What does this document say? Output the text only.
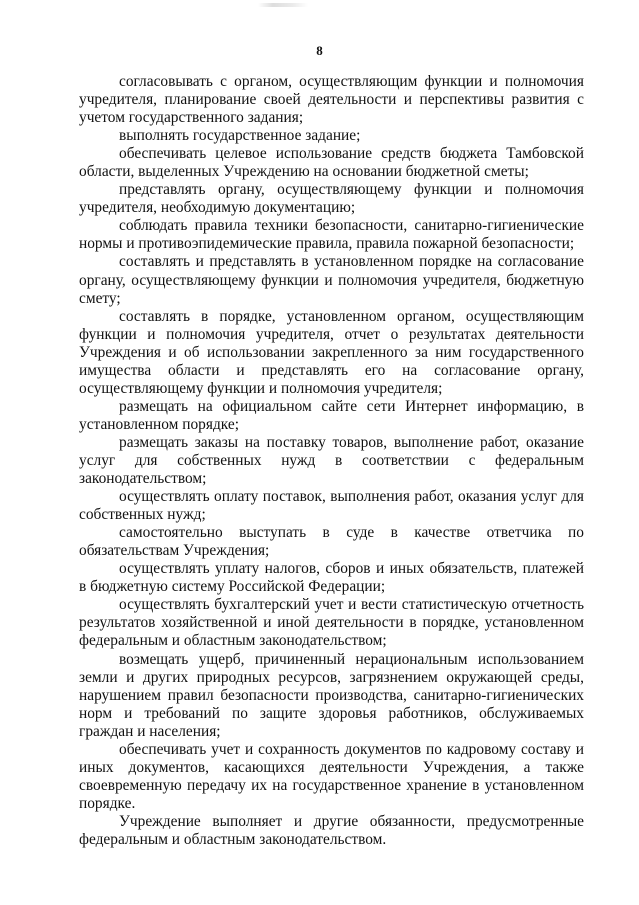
8

согласовывать с органом, осуществляющим функции и полномочия учредителя, планирование своей деятельности и перспективы развития с учетом государственного задания;

выполнять государственное задание;

обеспечивать целевое использование средств бюджета Тамбовской области, выделенных Учреждению на основании бюджетной сметы;

представлять органу, осуществляющему функции и полномочия учредителя, необходимую документацию;

соблюдать правила техники безопасности, санитарно-гигиенические нормы и противоэпидемические правила, правила пожарной безопасности;

составлять и представлять в установленном порядке на согласование органу, осуществляющему функции и полномочия учредителя, бюджетную смету;

составлять в порядке, установленном органом, осуществляющим функции и полномочия учредителя, отчет о результатах деятельности Учреждения и об использовании закрепленного за ним государственного имущества области и представлять его на согласование органу, осуществляющему функции и полномочия учредителя;

размещать на официальном сайте сети Интернет информацию, в установленном порядке;

размещать заказы на поставку товаров, выполнение работ, оказание услуг для собственных нужд в соответствии с федеральным законодательством;

осуществлять оплату поставок, выполнения работ, оказания услуг для собственных нужд;

самостоятельно выступать в суде в качестве ответчика по обязательствам Учреждения;

осуществлять уплату налогов, сборов и иных обязательств, платежей в бюджетную систему Российской Федерации;

осуществлять бухгалтерский учет и вести статистическую отчетность результатов хозяйственной и иной деятельности в порядке, установленном федеральным и областным законодательством;

возмещать ущерб, причиненный нерациональным использованием земли и других природных ресурсов, загрязнением окружающей среды, нарушением правил безопасности производства, санитарно-гигиенических норм и требований по защите здоровья работников, обслуживаемых граждан и населения;

обеспечивать учет и сохранность документов по кадровому составу и иных документов, касающихся деятельности Учреждения, а также своевременную передачу их на государственное хранение в установленном порядке.

Учреждение выполняет и другие обязанности, предусмотренные федеральным и областным законодательством.
